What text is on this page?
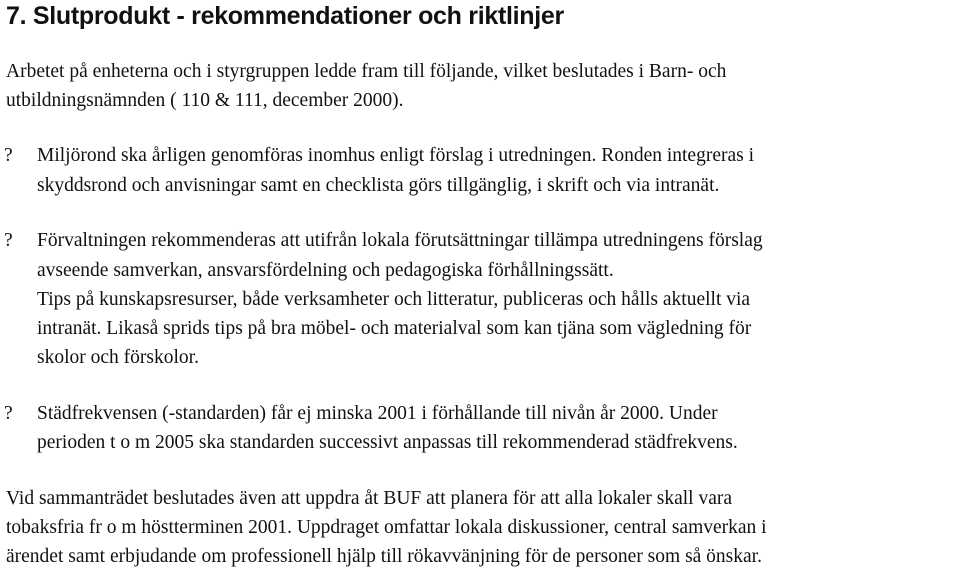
7. Slutprodukt - rekommendationer och riktlinjer
Arbetet på enheterna och i styrgruppen ledde fram till följande, vilket beslutades i Barn- och
utbildningsnämnden ( 110 & 111, december 2000).
? Miljörond ska årligen genomföras inomhus enligt förslag i utredningen. Ronden integreras i
skyddsrond och anvisningar samt en checklista görs tillgänglig, i skrift och via intranät.
? Förvaltningen rekommenderas att utifrån lokala förutsättningar tillämpa utredningens förslag
avseende samverkan, ansvarsfördelning och pedagogiska förhållningssätt.
Tips på kunskapsresurser, både verksamheter och litteratur, publiceras och hålls aktuellt via
intranät. Likaså sprids tips på bra möbel- och materialval som kan tjäna som vägledning för
skolor och förskolor.
? Städfrekvensen (-standarden) får ej minska 2001 i förhållande till nivån år 2000. Under
perioden t o m 2005 ska standarden successivt anpassas till rekommenderad städfrekvens.
Vid sammanträdet beslutades även att uppdra åt BUF att planera för att alla lokaler skall vara
tobaksfria fr o m höstterminen 2001. Uppdraget omfattar lokala diskussioner, central samverkan i
ärendet samt erbjudande om professionell hjälp till rökavvänjning för de personer som så önskar.
